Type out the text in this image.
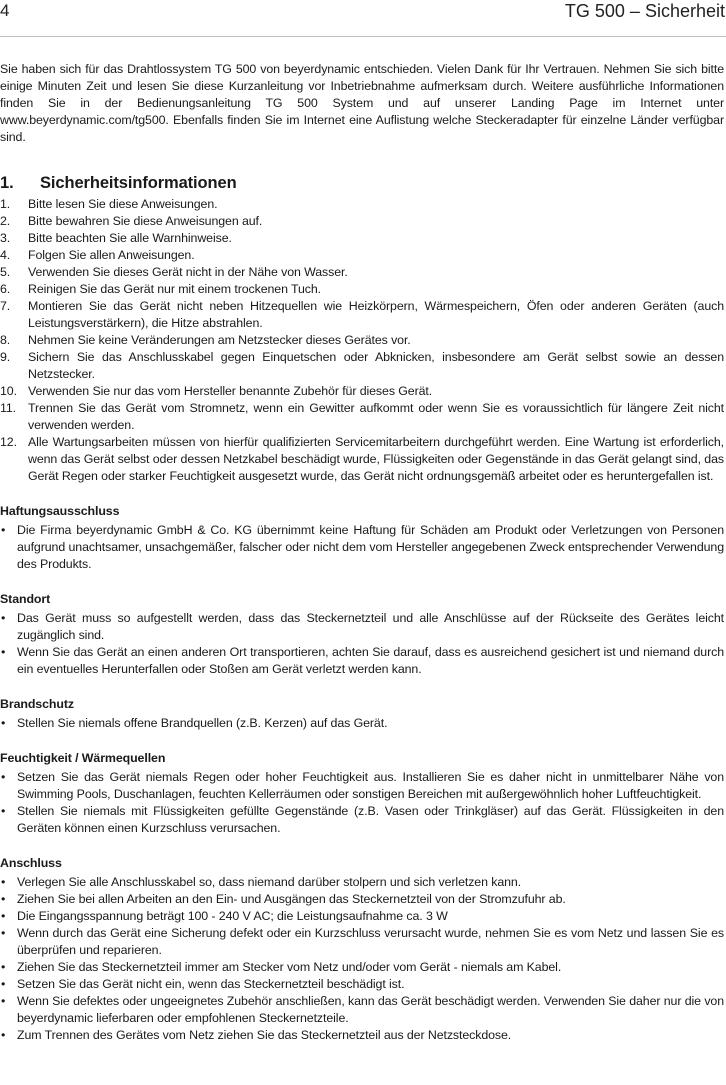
4	TG 500 – Sicherheit

Sie haben sich für das Drahtlossystem TG 500 von beyerdynamic entschieden. Vielen Dank für Ihr Vertrauen. Nehmen Sie sich bitte einige Minuten Zeit und lesen Sie diese Kurzanleitung vor Inbetriebnahme aufmerksam durch. Weitere ausführliche Informationen finden Sie in der Bedienungsanleitung TG 500 System und auf unserer Landing Page im Internet unter www.beyerdynamic.com/tg500. Ebenfalls finden Sie im Internet eine Auflistung welche Steckeradapter für einzelne Länder verfügbar sind.

1. Sicherheitsinformationen
1. Bitte lesen Sie diese Anweisungen.
2. Bitte bewahren Sie diese Anweisungen auf.
3. Bitte beachten Sie alle Warnhinweise.
4. Folgen Sie allen Anweisungen.
5. Verwenden Sie dieses Gerät nicht in der Nähe von Wasser.
6. Reinigen Sie das Gerät nur mit einem trockenen Tuch.
7. Montieren Sie das Gerät nicht neben Hitzequellen wie Heizkörpern, Wärmespeichern, Öfen oder anderen Geräten (auch Leistungsverstärkern), die Hitze abstrahlen.
8. Nehmen Sie keine Veränderungen am Netzstecker dieses Gerätes vor.
9. Sichern Sie das Anschlusskabel gegen Einquetschen oder Abknicken, insbesondere am Gerät selbst sowie an dessen Netzstecker.
10. Verwenden Sie nur das vom Hersteller benannte Zubehör für dieses Gerät.
11. Trennen Sie das Gerät vom Stromnetz, wenn ein Gewitter aufkommt oder wenn Sie es voraussichtlich für längere Zeit nicht verwenden werden.
12. Alle Wartungsarbeiten müssen von hierfür qualifizierten Servicemitarbeitern durchgeführt werden. Eine Wartung ist erforderlich, wenn das Gerät selbst oder dessen Netzkabel beschädigt wurde, Flüssigkeiten oder Gegenstände in das Gerät gelangt sind, das Gerät Regen oder starker Feuchtigkeit ausgesetzt wurde, das Gerät nicht ordnungsgemäß arbeitet oder es heruntergefallen ist.
Haftungsausschluss
• Die Firma beyerdynamic GmbH & Co. KG übernimmt keine Haftung für Schäden am Produkt oder Verletzungen von Personen aufgrund unachtsamer, unsachgemäßer, falscher oder nicht dem vom Hersteller angegebenen Zweck entsprechender Verwendung des Produkts.
Standort
• Das Gerät muss so aufgestellt werden, dass das Steckernetzteil und alle Anschlüsse auf der Rückseite des Gerätes leicht zugänglich sind.
• Wenn Sie das Gerät an einen anderen Ort transportieren, achten Sie darauf, dass es ausreichend gesichert ist und niemand durch ein eventuelles Herunterfallen oder Stoßen am Gerät verletzt werden kann.
Brandschutz
• Stellen Sie niemals offene Brandquellen (z.B. Kerzen) auf das Gerät.
Feuchtigkeit / Wärmequellen
• Setzen Sie das Gerät niemals Regen oder hoher Feuchtigkeit aus. Installieren Sie es daher nicht in unmittelbarer Nähe von Swimming Pools, Duschanlagen, feuchten Kellerräumen oder sonstigen Bereichen mit außergewöhnlich hoher Luftfeuchtigkeit.
• Stellen Sie niemals mit Flüssigkeiten gefüllte Gegenstände (z.B. Vasen oder Trinkgläser) auf das Gerät. Flüssigkeiten in den Geräten können einen Kurzschluss verursachen.
Anschluss
• Verlegen Sie alle Anschlusskabel so, dass niemand darüber stolpern und sich verletzen kann.
• Ziehen Sie bei allen Arbeiten an den Ein- und Ausgängen das Steckernetzteil von der Stromzufuhr ab.
• Die Eingangsspannung beträgt 100 - 240 V AC; die Leistungsaufnahme ca. 3 W
• Wenn durch das Gerät eine Sicherung defekt oder ein Kurzschluss verursacht wurde, nehmen Sie es vom Netz und lassen Sie es überprüfen und reparieren.
• Ziehen Sie das Steckernetzteil immer am Stecker vom Netz und/oder vom Gerät - niemals am Kabel.
• Setzen Sie das Gerät nicht ein, wenn das Steckernetzteil beschädigt ist.
• Wenn Sie defektes oder ungeeignetes Zubehör anschließen, kann das Gerät beschädigt werden. Verwenden Sie daher nur die von beyerdynamic lieferbaren oder empfohlenen Steckernetzteile.
• Zum Trennen des Gerätes vom Netz ziehen Sie das Steckernetzteil aus der Netzsteckdose.
